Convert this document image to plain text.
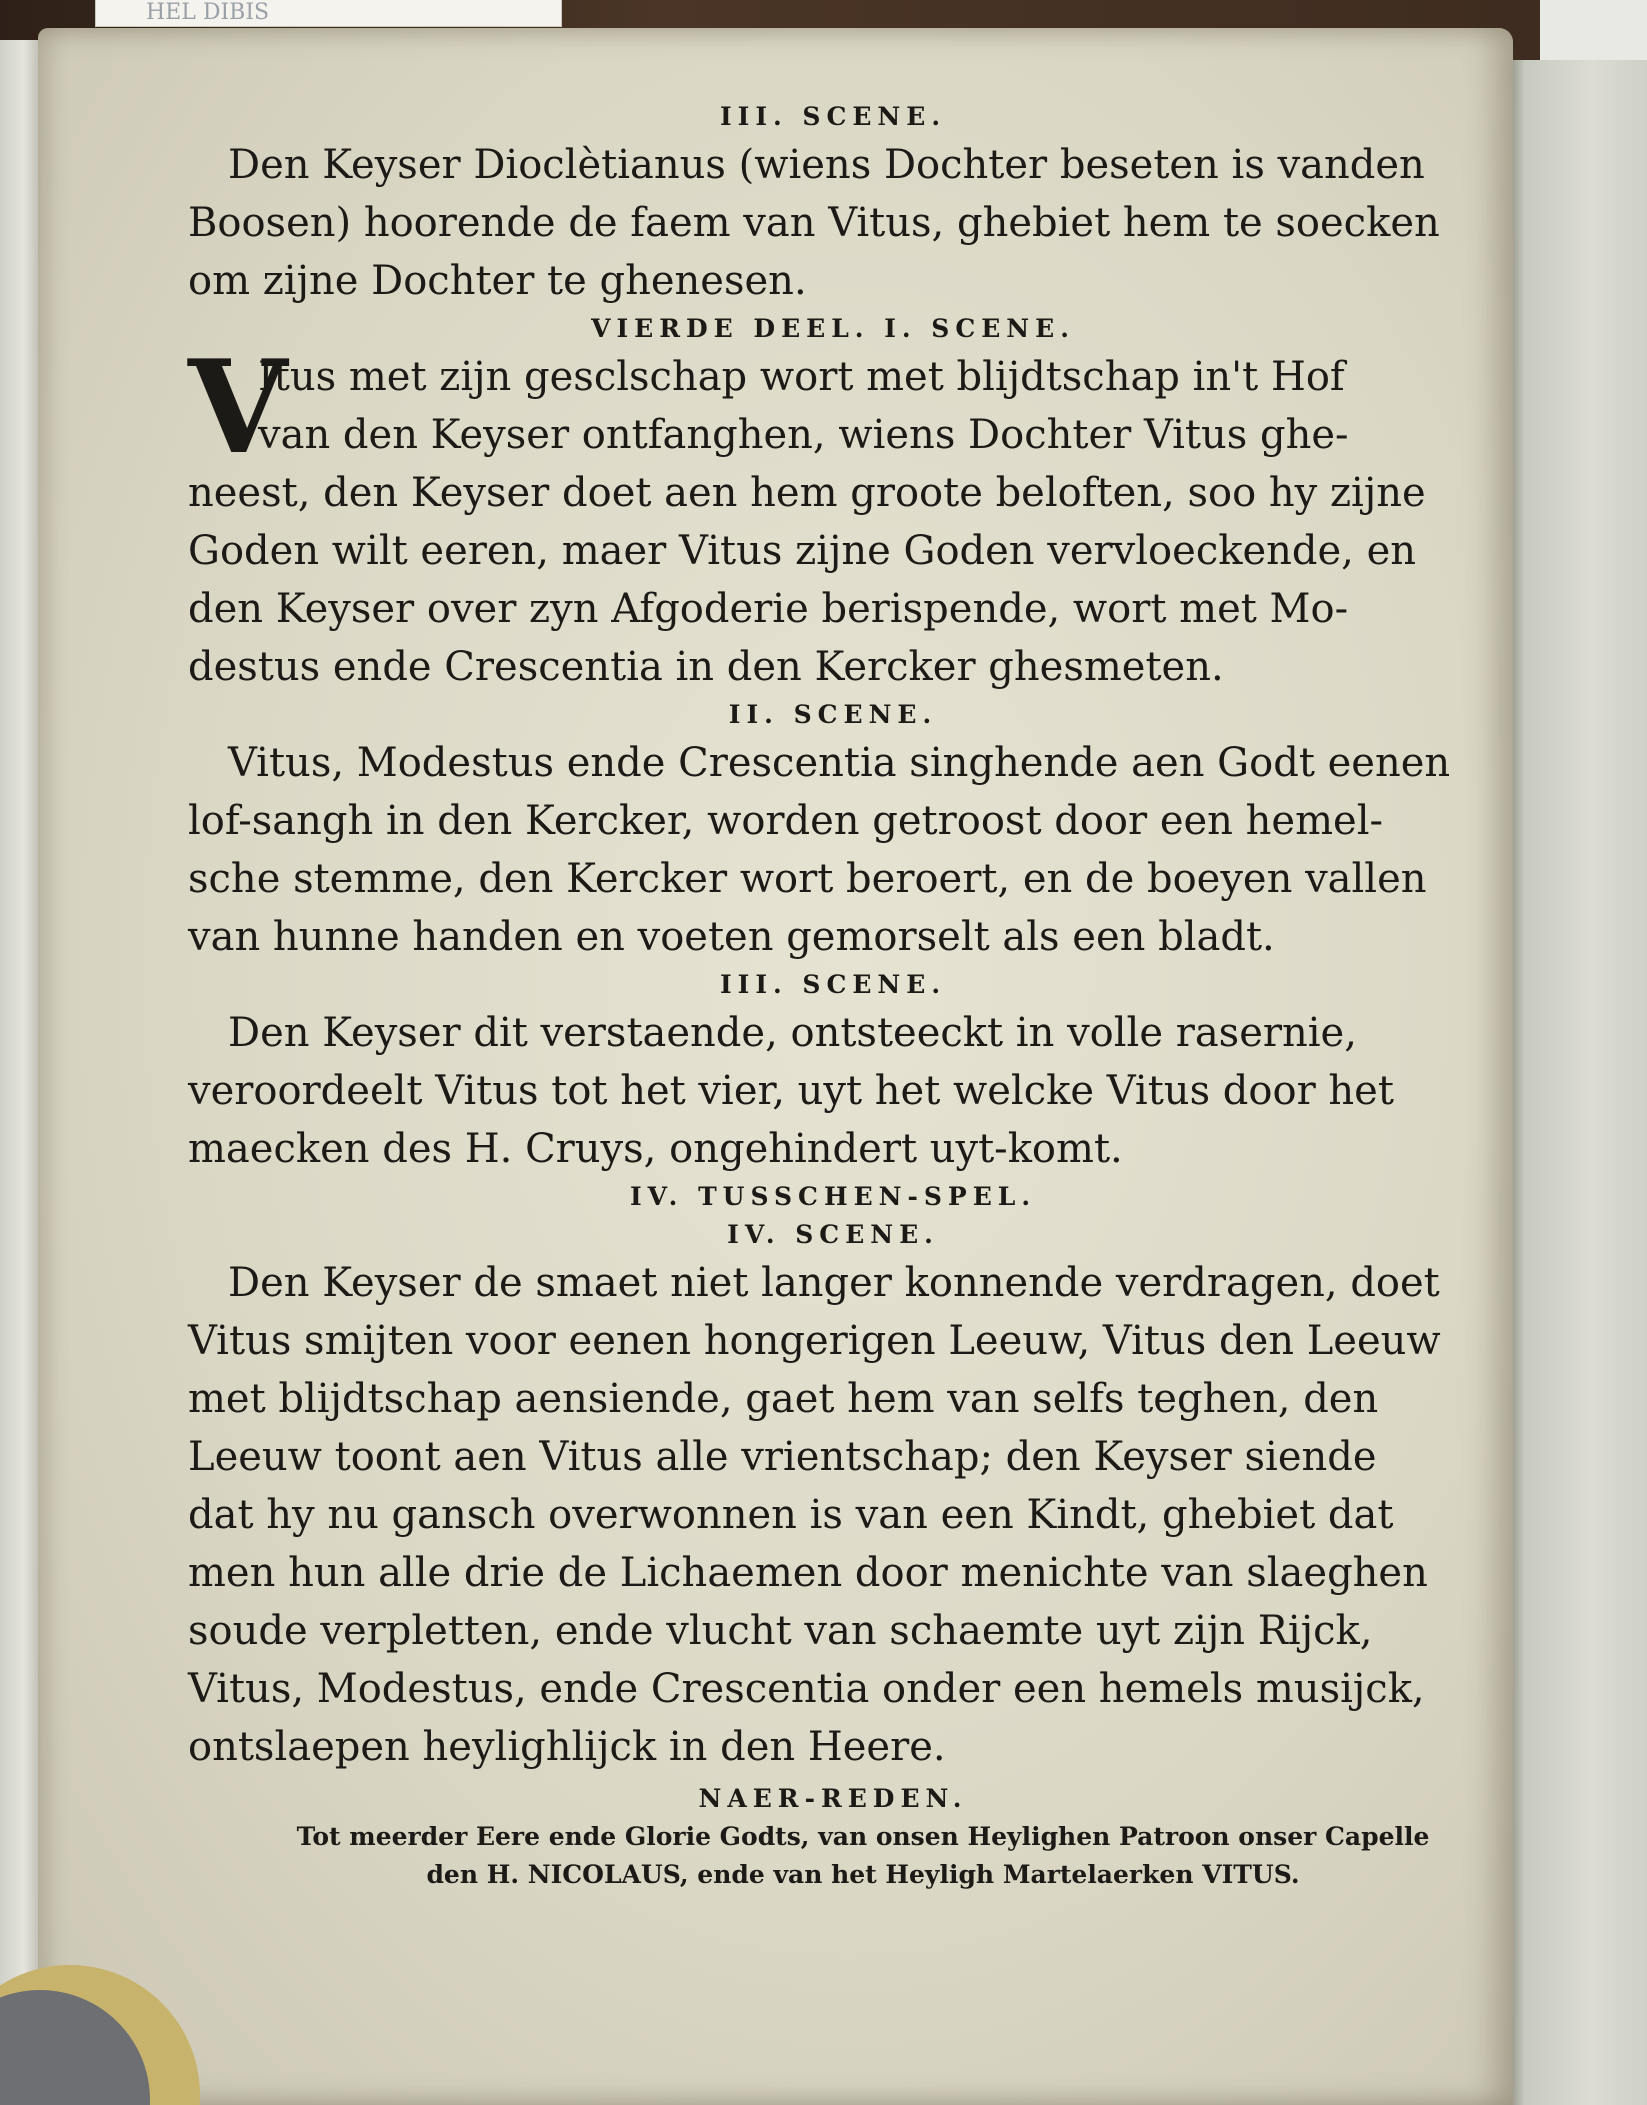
HEL DIBIS

III. SCENE.

Den Keyser Dioclètianus (wiens Dochter beseten is vanden
Boosen) hoorende de faem van Vitus, ghebiet hem te soecken
om zijne Dochter te ghenesen.

VIERDE DEEL. I. SCENE.

V
Itus met zijn gesclschap wort met blijdtschap in't Hof
van den Keyser ontfanghen, wiens Dochter Vitus ghe-
neest, den Keyser doet aen hem groote beloften, soo hy zijne
Goden wilt eeren, maer Vitus zijne Goden vervloeckende, en
den Keyser over zyn Afgoderie berispende, wort met Mo-
destus ende Crescentia in den Kercker ghesmeten.

II. SCENE.

Vitus, Modestus ende Crescentia singhende aen Godt eenen
lof-sangh in den Kercker, worden getroost door een hemel-
sche stemme, den Kercker wort beroert, en de boeyen vallen
van hunne handen en voeten gemorselt als een bladt.

III. SCENE.

Den Keyser dit verstaende, ontsteeckt in volle rasernie,
veroordeelt Vitus tot het vier, uyt het welcke Vitus door het
maecken des H. Cruys, ongehindert uyt-komt.

IV. TUSSCHEN-SPEL.

IV. SCENE.

Den Keyser de smaet niet langer konnende verdragen, doet
Vitus smijten voor eenen hongerigen Leeuw, Vitus den Leeuw
met blijdtschap aensiende, gaet hem van selfs teghen, den
Leeuw toont aen Vitus alle vrientschap; den Keyser siende
dat hy nu gansch overwonnen is van een Kindt, ghebiet dat
men hun alle drie de Lichaemen door menichte van slaeghen
soude verpletten, ende vlucht van schaemte uyt zijn Rijck,
Vitus, Modestus, ende Crescentia onder een hemels musijck,
ontslaepen heylighlijck in den Heere.

NAER-REDEN.

Tot meerder Eere ende Glorie Godts, van onsen Heylighen Patroon onser Capelle

den H. NICOLAUS, ende van het Heyligh Martelaerken VITUS.
